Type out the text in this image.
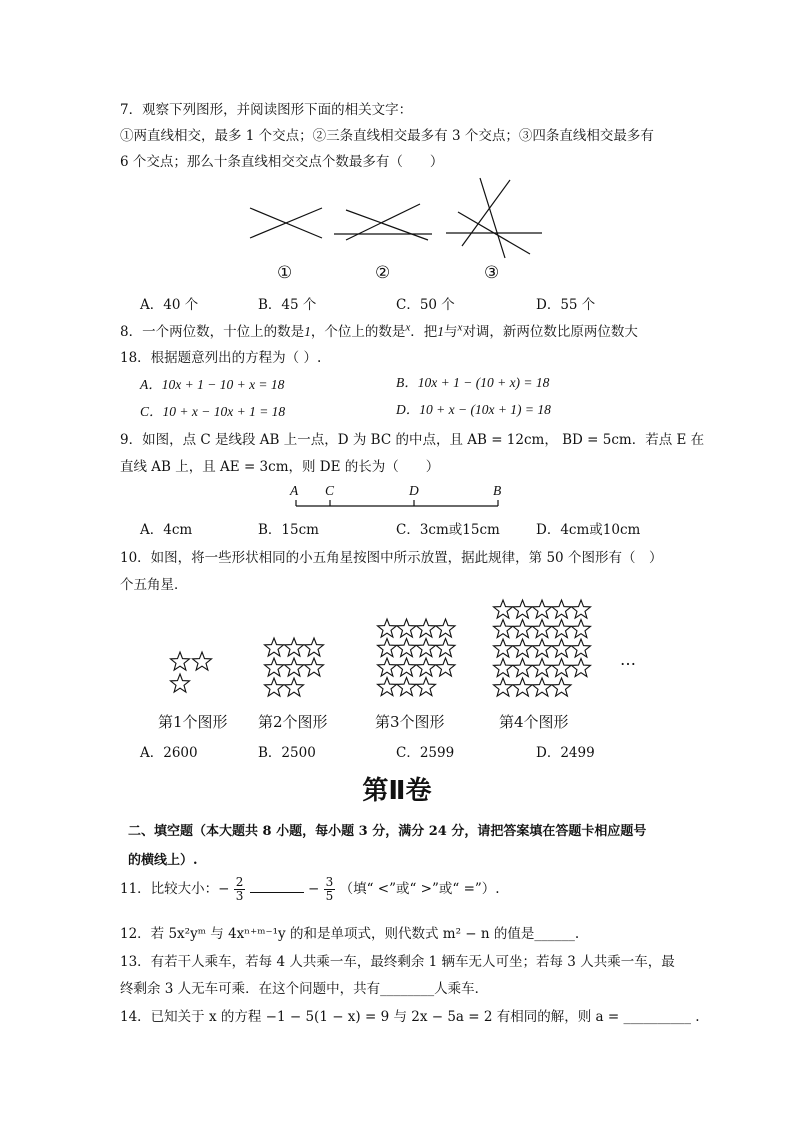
7．观察下列图形，并阅读图形下面的相关文字：
①两直线相交，最多 1 个交点；②三条直线相交最多有 3 个交点；③四条直线相交最多有
6 个交点；那么十条直线相交交点个数最多有（　　）
①	②	③
A．40 个	B．45 个	C．50 个	D．55 个
8．一个两位数，十位上的数是1，个位上的数是$^x$．把1与$^x$对调，新两位数比原两位数大
18．根据题意列出的方程为（ ）.
A．10x + 1 − 10 + x = 18	B．10x + 1 − (10 + x) = 18
C．10 + x − 10x + 1 = 18	D．10 + x − (10x + 1) = 18
9．如图，点 C 是线段 AB 上一点，D 为 BC 的中点，且 AB = 12cm， BD = 5cm．若点 E 在
直线 AB 上，且 AE = 3cm，则 DE 的长为（　　）
A C	D	B
A．4cm	B．15cm	C．3cm或15cm	D．4cm或10cm
10．如图，将一些形状相同的小五角星按图中所示放置，据此规律，第 50 个图形有（　）
个五角星．
…
第1个图形 第2个图形	第3个图形	第4个图形
A．2600	B．2500	C．2599	D．2499
第Ⅱ卷
二、填空题（本大题共 8 小题，每小题 3 分，满分 24 分，请把答案填在答题卡相应题号
的横线上）.
11．比较大小：− $\frac{2}{3}$	− $\frac{3}{5}$ （填“ <”或“ >”或“ =”）.
12．若 5x²yᵐ 与 4xⁿ⁺ᵐ⁻¹y 的和是单项式，则代数式 m² − n 的值是______.
13．有若干人乘车，若每 4 人共乘一车，最终剩余 1 辆车无人可坐；若每 3 人共乘一车，最
终剩余 3 人无车可乘．在这个问题中，共有________人乘车．
14．已知关于 x 的方程 −1 − 5(1 − x) = 9 与 2x − 5a = 2 有相同的解，则 a = __________ .
